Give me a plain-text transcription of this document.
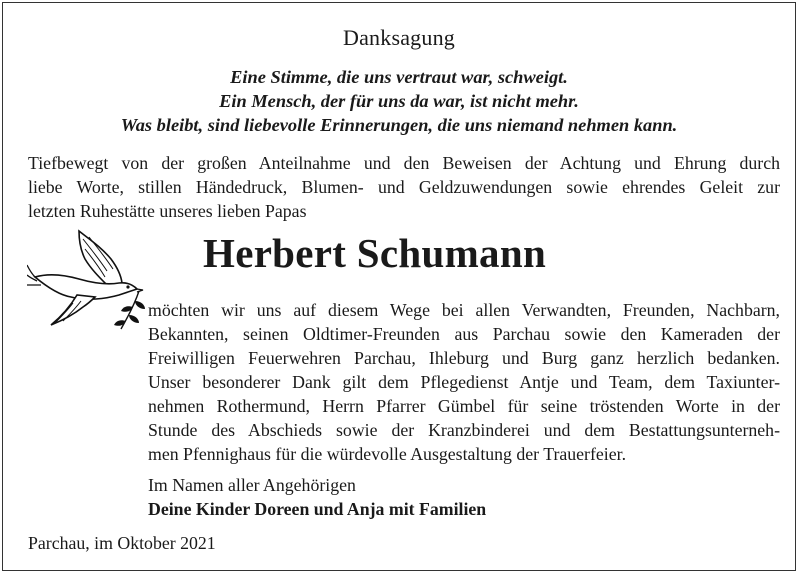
Danksagung
Eine Stimme, die uns vertraut war, schweigt.
Ein Mensch, der für uns da war, ist nicht mehr.
Was bleibt, sind liebevolle Erinnerungen, die uns niemand nehmen kann.
Tiefbewegt von der großen Anteilnahme und den Beweisen der Achtung und Ehrung durch
liebe Worte, stillen Händedruck, Blumen- und Geldzuwendungen sowie ehrendes Geleit zur
letzten Ruhestätte unseres lieben Papas
Herbert Schumann
möchten wir uns auf diesem Wege bei allen Verwandten, Freunden, Nachbarn,
Bekannten, seinen Oldtimer-Freunden aus Parchau sowie den Kameraden der
Freiwilligen Feuerwehren Parchau, Ihleburg und Burg ganz herzlich bedanken.
Unser besonderer Dank gilt dem Pflegedienst Antje und Team, dem Taxiunter-
nehmen Rothermund, Herrn Pfarrer Gümbel für seine tröstenden Worte in der
Stunde des Abschieds sowie der Kranzbinderei und dem Bestattungsunterneh-
men Pfennighaus für die würdevolle Ausgestaltung der Trauerfeier.
Im Namen aller Angehörigen
Deine Kinder Doreen und Anja mit Familien
Parchau, im Oktober 2021
